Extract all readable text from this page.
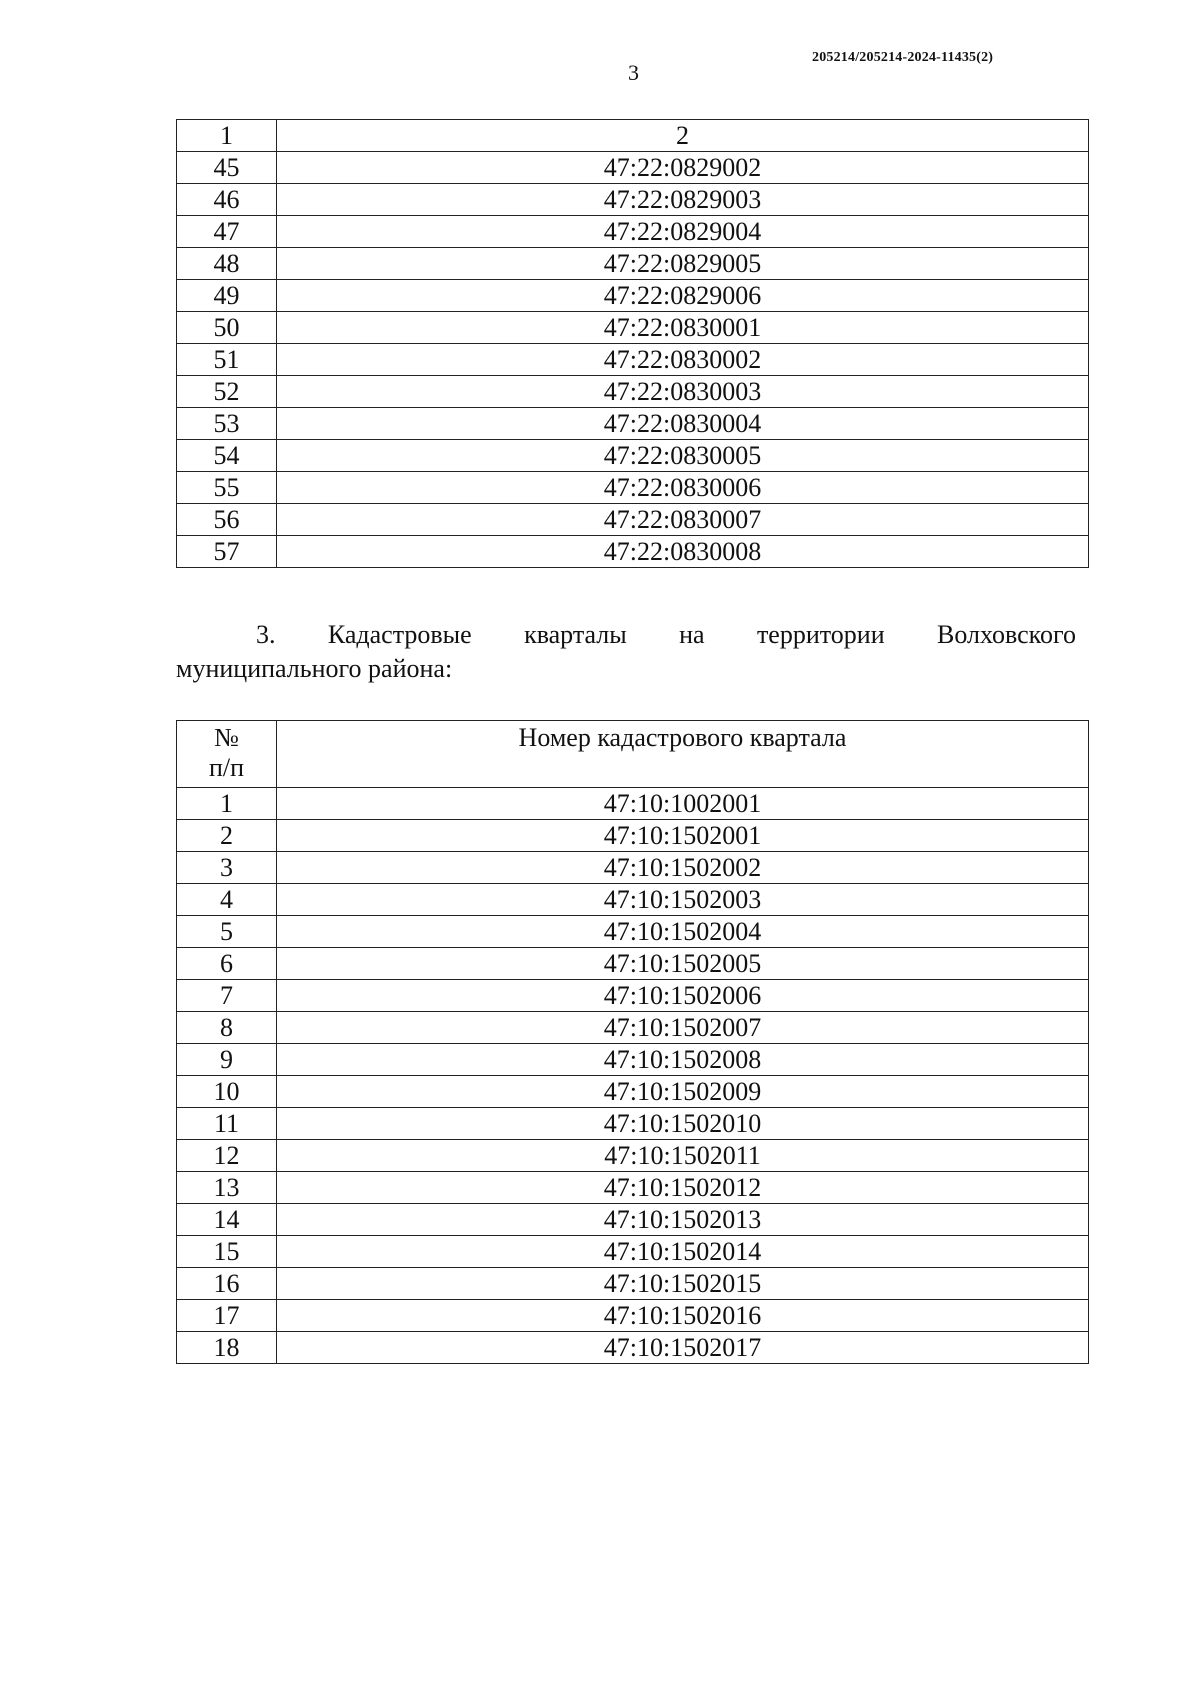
205214/205214-2024-11435(2)
3
1	2
45	47:22:0829002
46	47:22:0829003
47	47:22:0829004
48	47:22:0829005
49	47:22:0829006
50	47:22:0830001
51	47:22:0830002
52	47:22:0830003
53	47:22:0830004
54	47:22:0830005
55	47:22:0830006
56	47:22:0830007
57	47:22:0830008
3. Кадастровые кварталы на территории Волховского
муниципального района:
№
п/п	Номер кадастрового квартала
1	47:10:1002001
2	47:10:1502001
3	47:10:1502002
4	47:10:1502003
5	47:10:1502004
6	47:10:1502005
7	47:10:1502006
8	47:10:1502007
9	47:10:1502008
10	47:10:1502009
11	47:10:1502010
12	47:10:1502011
13	47:10:1502012
14	47:10:1502013
15	47:10:1502014
16	47:10:1502015
17	47:10:1502016
18	47:10:1502017
